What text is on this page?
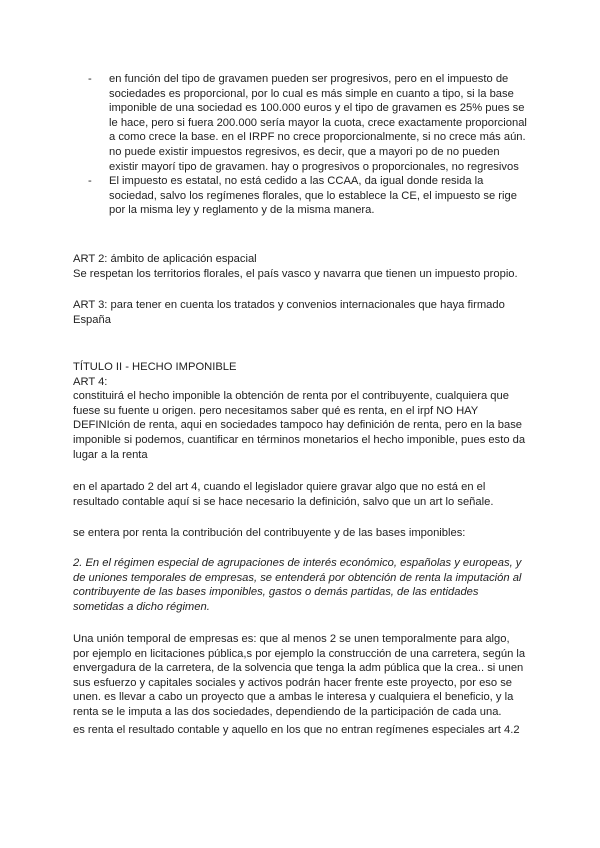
- en función del tipo de gravamen pueden ser progresivos, pero en el impuesto de sociedades es proporcional, por lo cual es más simple en cuanto a tipo, si la base imponible de una sociedad es 100.000 euros y el tipo de gravamen es 25% pues se le hace, pero si fuera 200.000 sería mayor la cuota, crece exactamente proporcional a como crece la base. en el IRPF no crece proporcionalmente, si no crece más aún. no puede existir impuestos regresivos, es decir, que a mayori po de no pueden existir mayorí tipo de gravamen. hay o progresivos o proporcionales, no regresivos
- El impuesto es estatal, no está cedido a las CCAA, da igual donde resida la sociedad, salvo los regímenes florales, que lo establece la CE, el impuesto se rige por la misma ley y reglamento y de la misma manera.
ART 2: ámbito de aplicación espacial
Se respetan los territorios florales, el país vasco y navarra que tienen un impuesto propio.

ART 3: para tener en cuenta los tratados y convenios internacionales que haya firmado España

TÍTULO II - HECHO IMPONIBLE
ART 4:
constituirá el hecho imponible la obtención de renta por el contribuyente, cualquiera que fuese su fuente u origen. pero necesitamos saber qué es renta, en el irpf NO HAY DEFINIción de renta, aqui en sociedades tampoco hay definición de renta, pero en la base imponible si podemos, cuantificar en términos monetarios el hecho imponible, pues esto da lugar a la renta

en el apartado 2 del art 4, cuando el legislador quiere gravar algo que no está en el resultado contable aquí si se hace necesario la definición, salvo que un art lo señale.

se entera por renta la contribución del contribuyente y de las bases imponibles:

2. En el régimen especial de agrupaciones de interés económico, españolas y europeas, y de uniones temporales de empresas, se entenderá por obtención de renta la imputación al contribuyente de las bases imponibles, gastos o demás partidas, de las entidades sometidas a dicho régimen.

Una unión temporal de empresas es: que al menos 2 se unen temporalmente para algo, por ejemplo en licitaciones pública,s por ejemplo la construcción de una carretera, según la envergadura de la carretera, de la solvencia que tenga la adm pública que la crea.. si unen sus esfuerzo y capitales sociales y activos podrán hacer frente este proyecto, por eso se unen. es llevar a cabo un proyecto que a ambas le interesa y cualquiera el beneficio, y la renta se le imputa a las dos sociedades, dependiendo de la participación de cada una.

es renta el resultado contable y aquello en los que no entran regímenes especiales art 4.2
